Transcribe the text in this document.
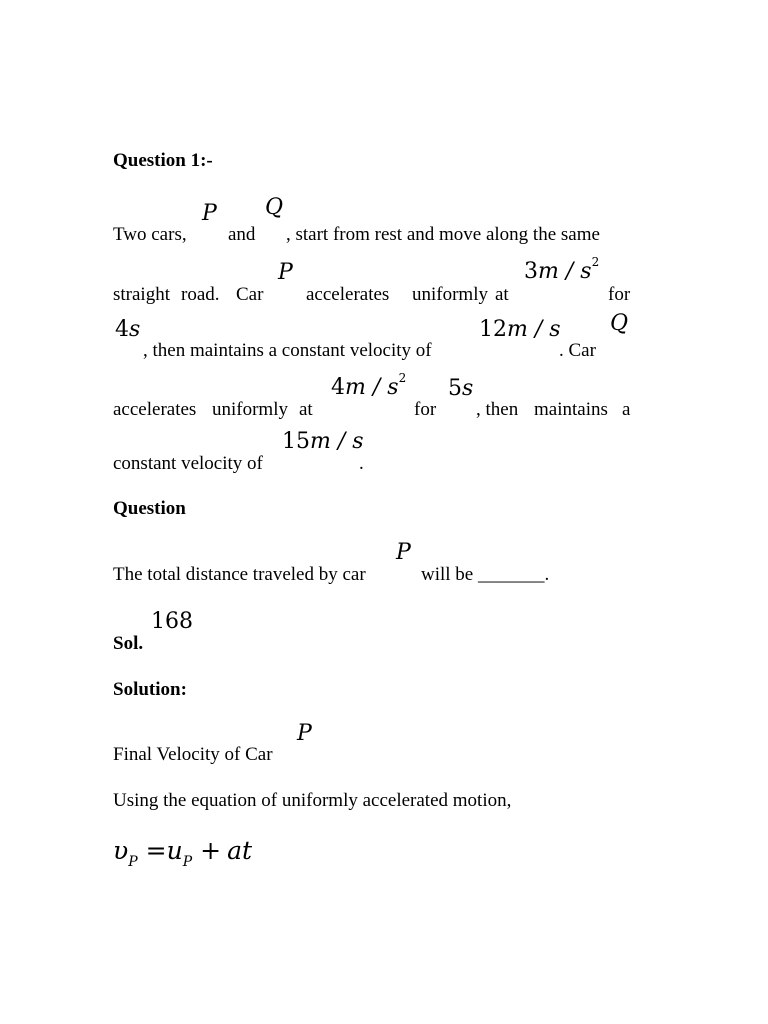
Question 1:-
P Q
Two cars, and , start from rest and move along the same
P	$3m / s^2$
straight road. Car accelerates uniformly at	for
4s	12m / s Q
, then maintains a constant velocity of	. Car
$4m / s^2$ 5s
accelerates uniformly at	for , then maintains a
15m / s
constant velocity of	.
Question
P
The total distance traveled by car	will be _______.
168
Sol.
Solution:
P
Final Velocity of Car
Using the equation of uniformly accelerated motion,
$\upsilon_P =u_P$ + at
